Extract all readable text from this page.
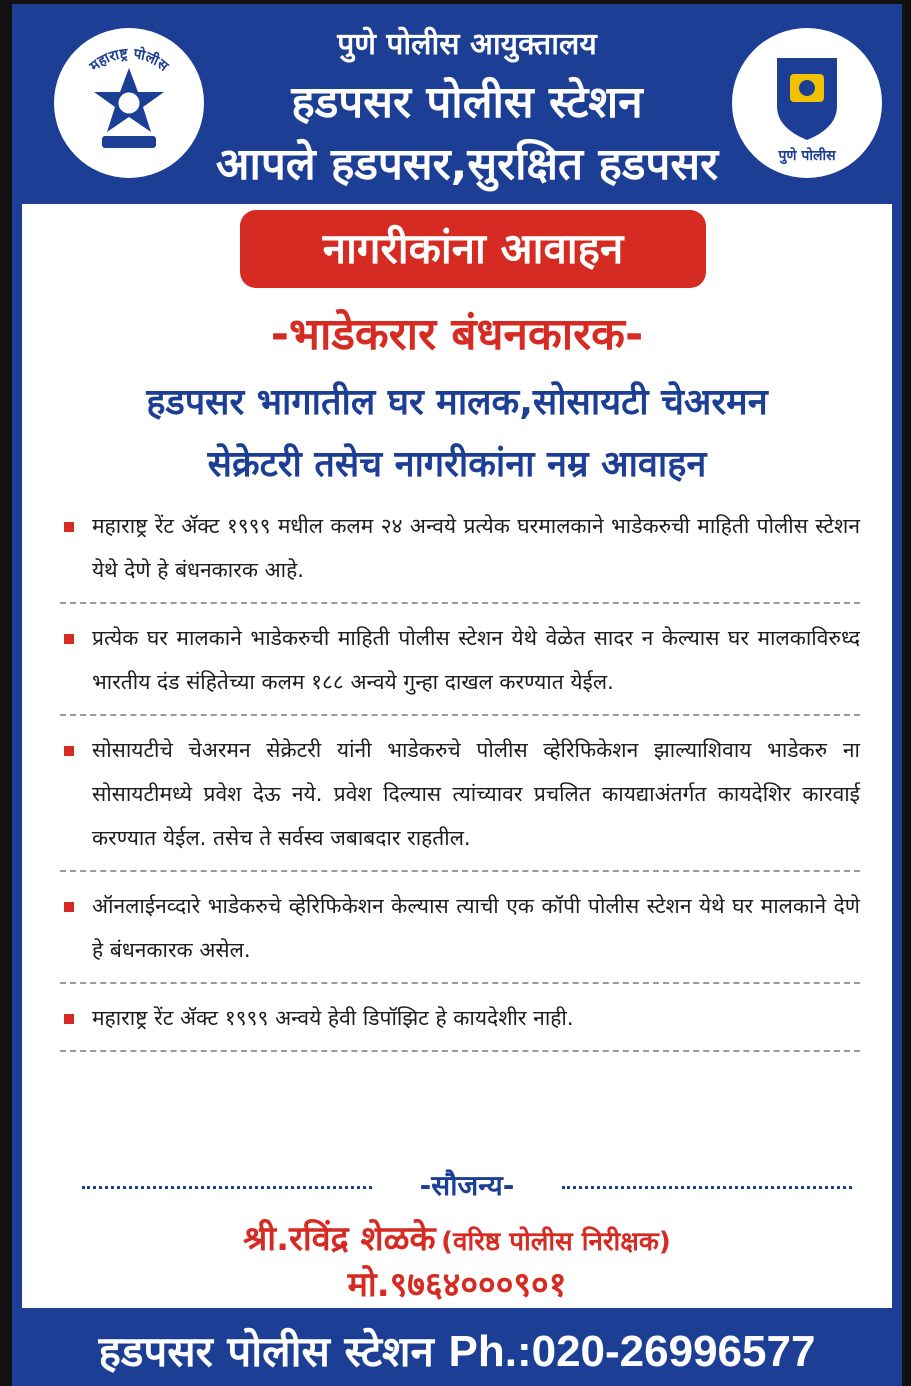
महाराष्ट्र पोलीस
पुणे पोलीस आयुक्तालय
हडपसर पोलीस स्टेशन
आपले हडपसर,सुरक्षित हडपसर	पुणे पोलीस
नागरीकांना आवाहन
-भाडेकरार बंधनकारक-
हडपसर भागातील घर मालक,सोसायटी चेअरमन
सेक्रेटरी तसेच नागरीकांना नम्र आवाहन
महाराष्ट्र रेंट ॲक्ट १९९९ मधील कलम २४ अन्वये प्रत्येक घरमालकाने भाडेकरुची माहिती पोलीस स्टेशन येथे देणे हे बंधनकारक आहे.
प्रत्येक घर मालकाने भाडेकरुची माहिती पोलीस स्टेशन येथे वेळेत सादर न केल्यास घर मालकाविरुध्द भारतीय दंड संहितेच्या कलम १८८ अन्वये गुन्हा दाखल करण्यात येईल.
सोसायटीचे चेअरमन सेक्रेटरी यांनी भाडेकरुचे पोलीस व्हेरिफिकेशन झाल्याशिवाय भाडेकरु ना सोसायटीमध्ये प्रवेश देऊ नये. प्रवेश दिल्यास त्यांच्यावर प्रचलित कायद्याअंतर्गत कायदेशिर कारवाई करण्यात येईल. तसेच ते सर्वस्व जबाबदार राहतील.
ऑनलाईनव्दारे भाडेकरुचे व्हेरिफिकेशन केल्यास त्याची एक कॉपी पोलीस स्टेशन येथे घर मालकाने देणे हे बंधनकारक असेल.
महाराष्ट्र रेंट ॲक्ट १९९९ अन्वये हेवी डिपॉझिट हे कायदेशीर नाही.
-सौजन्य-
श्री.रविंद्र शेळके (वरिष्ठ पोलीस निरीक्षक)
मो.९७६४०००९०१
हडपसर पोलीस स्टेशन Ph.:020-26996577
